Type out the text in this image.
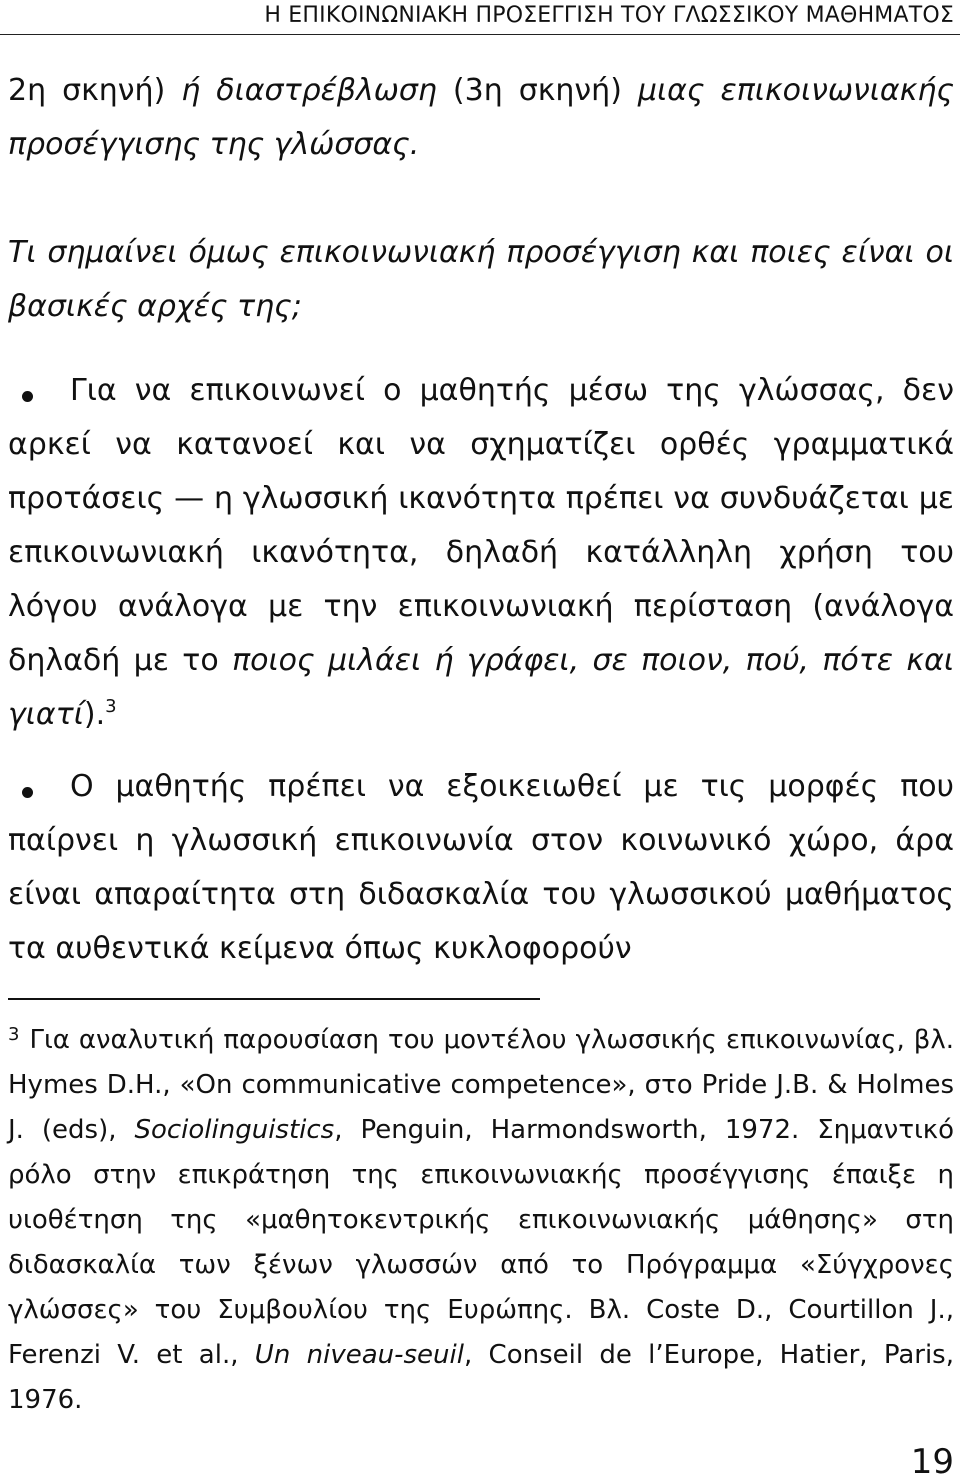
Η ΕΠΙΚΟΙΝΩΝΙΑΚΗ ΠΡΟΣΕΓΓΙΣΗ ΤΟΥ ΓΛΩΣΣΙΚΟΥ ΜΑΘΗΜΑΤΟΣ
2η σκηνή) ή διαστρέβλωση (3η σκηνή) μιας επικοινωνιακής προσέγγισης της γλώσσας.
Τι σημαίνει όμως επικοινωνιακή προσέγγιση και ποιες είναι οι βασικές αρχές της;
Για να επικοινωνεί ο μαθητής μέσω της γλώσσας, δεν αρκεί να κατανοεί και να σχηματίζει ορθές γραμματικά προτάσεις — η γλωσσική ικανότητα πρέπει να συνδυάζεται με επικοινωνιακή ικανότητα, δηλαδή κατάλληλη χρήση του λόγου ανάλογα με την επικοινωνιακή περίσταση (ανάλογα δηλαδή με το ποιος μιλάει ή γράφει, σε ποιον, πού, πότε και γιατί).$^3$
Ο μαθητής πρέπει να εξοικειωθεί με τις μορφές που παίρνει η γλωσσική επικοινωνία στον κοινωνικό χώρο, άρα είναι απαραίτητα στη διδασκαλία του γλωσσικού μαθήματος τα αυθεντικά κείμενα όπως κυκλοφορούν
$^3$ Για αναλυτική παρουσίαση του μοντέλου γλωσσικής επικοινωνίας, βλ. Hymes D.H., «On communicative competence», στο Pride J.B. & Holmes J. (eds), Sociolinguistics, Penguin, Harmondsworth, 1972. Σημαντικό ρόλο στην επικράτηση της επικοινωνιακής προσέγγισης έπαιξε η υιοθέτηση της «μαθητοκεντρικής επικοινωνιακής μάθησης» στη διδασκαλία των ξένων γλωσσών από το Πρόγραμμα «Σύγχρονες γλώσσες» του Συμβουλίου της Ευρώπης. Βλ. Coste D., Courtillon J., Ferenzi V. et al., Un niveau-seuil, Conseil de l’Europe, Hatier, Paris, 1976.
19
